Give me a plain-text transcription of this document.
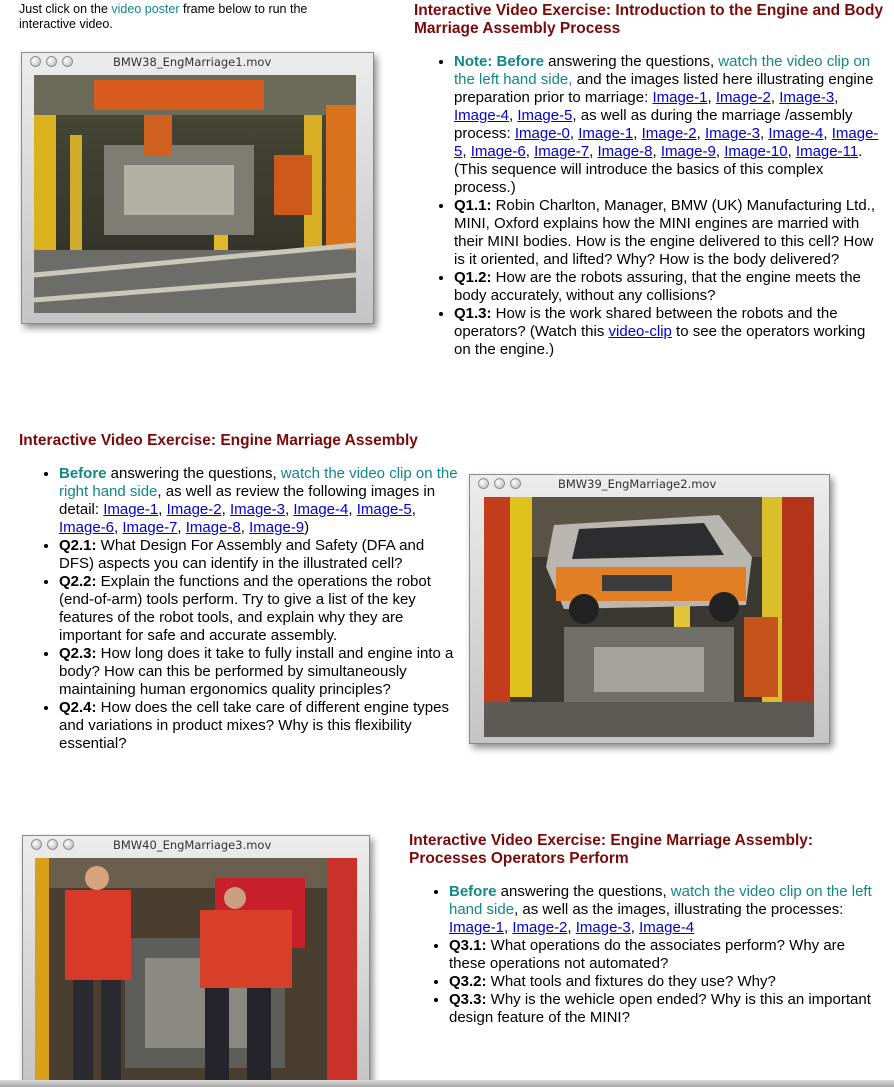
Just click on the video poster frame below to run the interactive video.
BMW38_EngMarriage1.mov
Interactive Video Exercise: Introduction to the Engine and Body Marriage Assembly Process
• Note: Before answering the questions, watch the video clip on the left hand side, and the images listed here illustrating engine preparation prior to marriage: Image-1, Image-2, Image-3, Image-4, Image-5, as well as during the marriage /assembly process: Image-0, Image-1, Image-2, Image-3, Image-4, Image-5, Image-6, Image-7, Image-8, Image-9, Image-10, Image-11. (This sequence will introduce the basics of this complex process.)
• Q1.1: Robin Charlton, Manager, BMW (UK) Manufacturing Ltd., MINI, Oxford explains how the MINI engines are married with their MINI bodies. How is the engine delivered to this cell? How is it oriented, and lifted? Why? How is the body delivered?
• Q1.2: How are the robots assuring, that the engine meets the body accurately, without any collisions?
• Q1.3: How is the work shared between the robots and the operators? (Watch this video-clip to see the operators working on the engine.)
Interactive Video Exercise: Engine Marriage Assembly
• Before answering the questions, watch the video clip on the right hand side, as well as review the following images in detail: Image-1, Image-2, Image-3, Image-4, Image-5, Image-6, Image-7, Image-8, Image-9)
• Q2.1: What Design For Assembly and Safety (DFA and DFS) aspects you can identify in the illustrated cell?
• Q2.2: Explain the functions and the operations the robot (end-of-arm) tools perform. Try to give a list of the key features of the robot tools, and explain why they are important for safe and accurate assembly.
• Q2.3: How long does it take to fully install and engine into a body? How can this be performed by simultaneously maintaining human ergonomics quality principles?
• Q2.4: How does the cell take care of different engine types and variations in product mixes? Why is this flexibility essential?
BMW39_EngMarriage2.mov
BMW40_EngMarriage3.mov	Interactive Video Exercise: Engine Marriage Assembly: Processes Operators Perform
• Before answering the questions, watch the video clip on the left hand side, as well as the images, illustrating the processes: Image-1, Image-2, Image-3, Image-4
• Q3.1: What operations do the associates perform? Why are these operations not automated?
• Q3.2: What tools and fixtures do they use? Why?
• Q3.3: Why is the wehicle open ended? Why is this an important design feature of the MINI?
